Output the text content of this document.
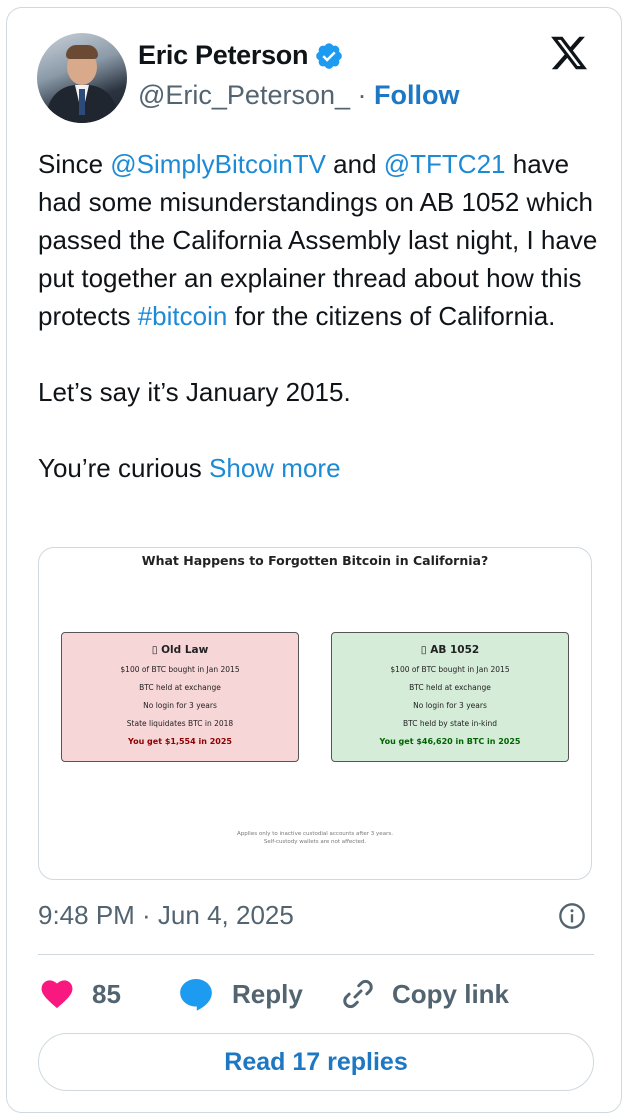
Eric Peterson
@Eric_Peterson_ · Follow

Since @SimplyBitcoinTV and @TFTC21 have had some misunderstandings on AB 1052 which passed the California Assembly last night, I have put together an explainer thread about how this protects #bitcoin for the citizens of California.

Let’s say it’s January 2015.

You’re curious Show more

What Happens to Forgotten Bitcoin in California?
▯ Old Law
$100 of BTC bought in Jan 2015
BTC held at exchange
No login for 3 years
State liquidates BTC in 2018
You get $1,554 in 2025
▯ AB 1052
$100 of BTC bought in Jan 2015
BTC held at exchange
No login for 3 years
BTC held by state in-kind
You get $46,620 in BTC in 2025
Applies only to inactive custodial accounts after 3 years.
Self-custody wallets are not affected.
9:48 PM · Jun 4, 2025
85	Reply	Copy link
Read 17 replies
